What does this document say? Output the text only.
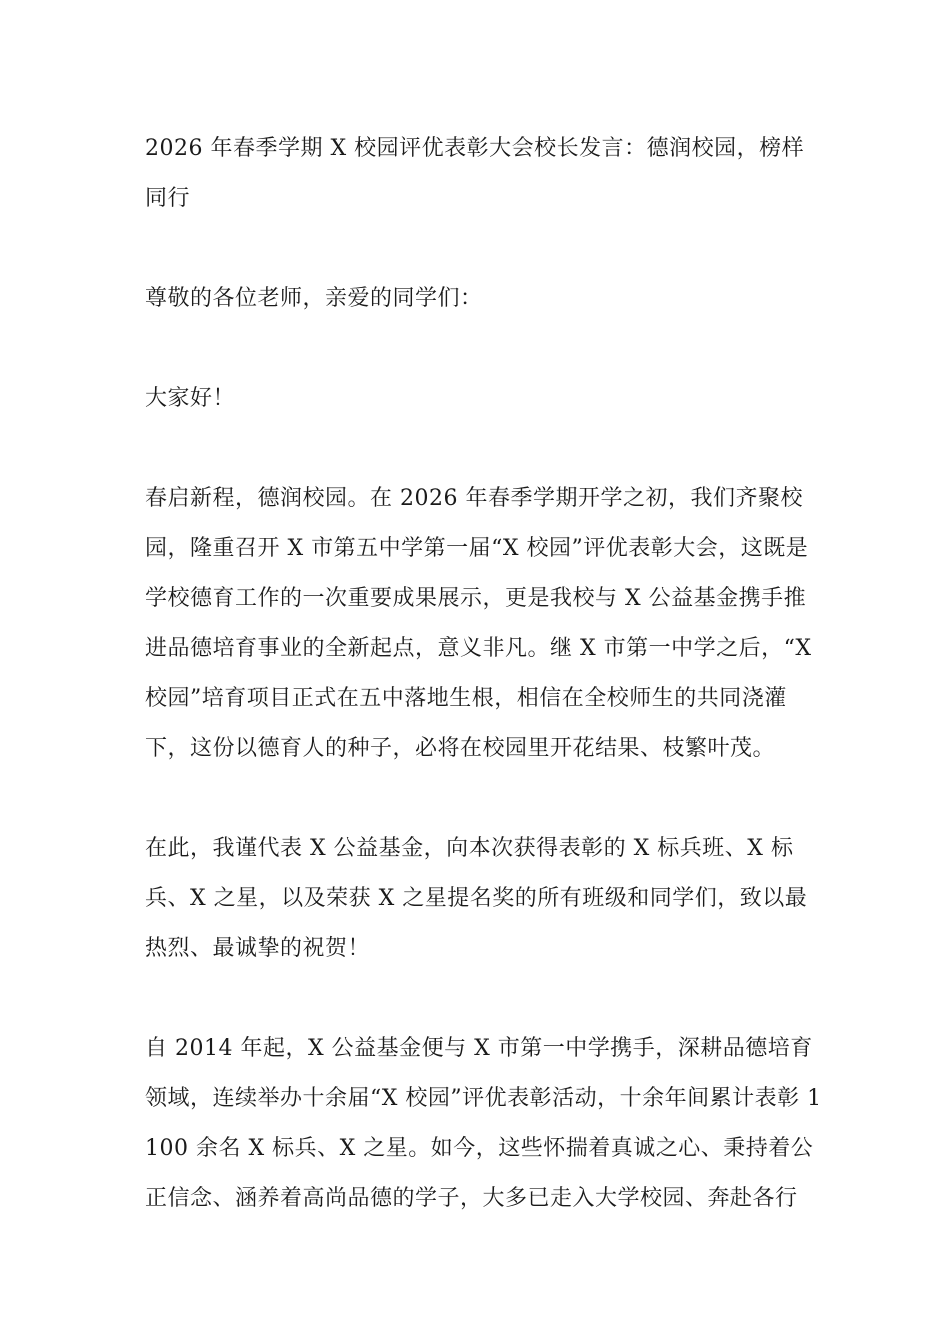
2026 年春季学期 X 校园评优表彰大会校长发言：德润校园，榜样同行

尊敬的各位老师，亲爱的同学们：

大家好！

春启新程，德润校园。在 2026 年春季学期开学之初，我们齐聚校园，隆重召开 X 市第五中学第一届“X 校园”评优表彰大会，这既是学校德育工作的一次重要成果展示，更是我校与 X 公益基金携手推进品德培育事业的全新起点，意义非凡。继 X 市第一中学之后，“X 校园”培育项目正式在五中落地生根，相信在全校师生的共同浇灌下，这份以德育人的种子，必将在校园里开花结果、枝繁叶茂。

在此，我谨代表 X 公益基金，向本次获得表彰的 X 标兵班、X 标兵、X 之星，以及荣获 X 之星提名奖的所有班级和同学们，致以最热烈、最诚挚的祝贺！

自 2014 年起，X 公益基金便与 X 市第一中学携手，深耕品德培育领域，连续举办十余届“X 校园”评优表彰活动，十余年间累计表彰 1100 余名 X 标兵、X 之星。如今，这些怀揣着真诚之心、秉持着公正信念、涵养着高尚品德的学子，大多已走入大学校园、奔赴各行
